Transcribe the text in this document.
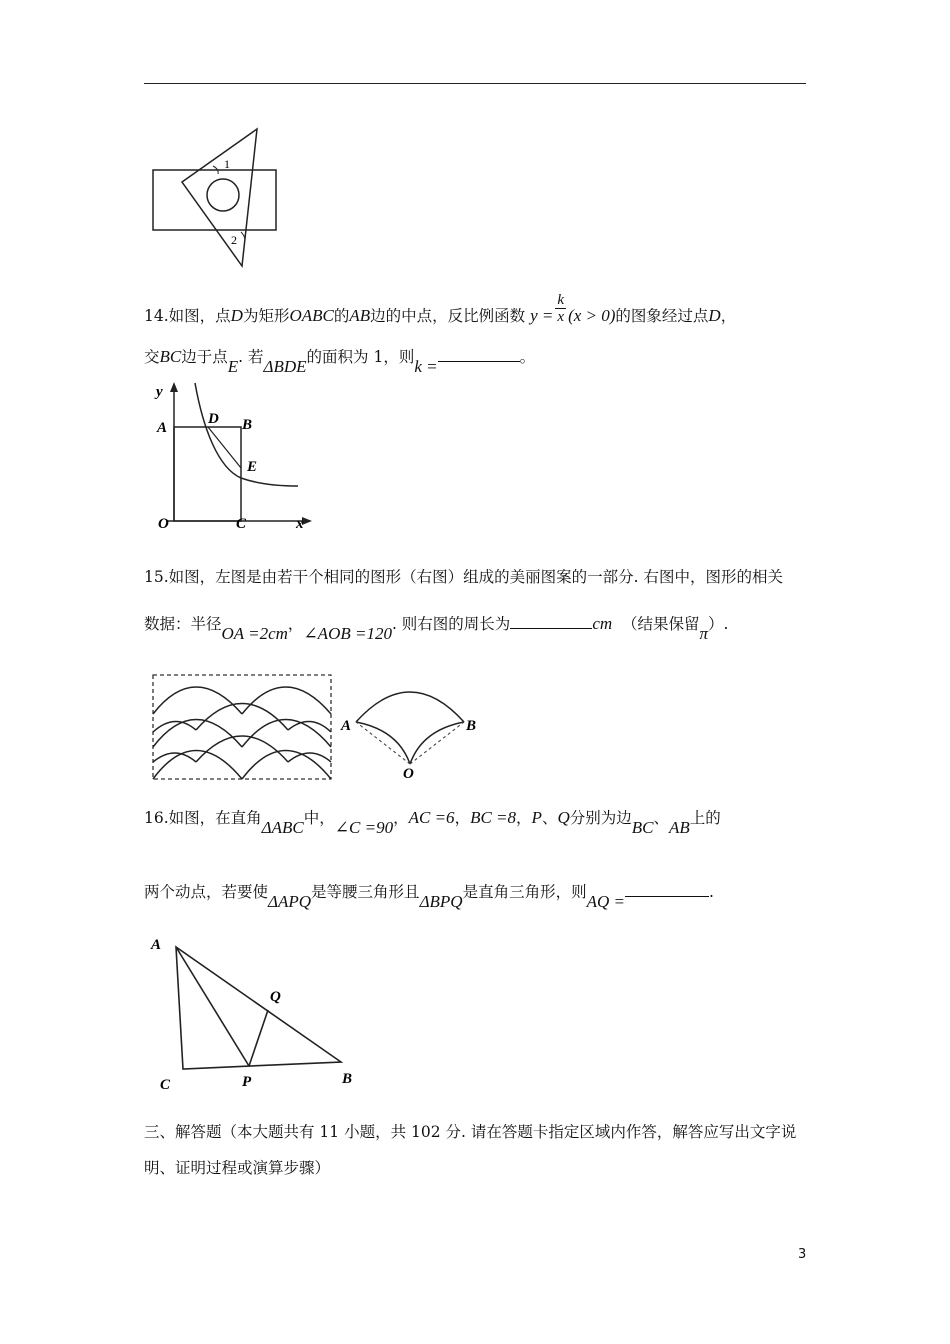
1
2
14.如图，点D为矩形OABC的AB边的中点，反比例函数 $y = \frac{k}{x} (x > 0)$的图象经过点D，
交BC边于点E. 若ΔBDE的面积为 1，则k =	。
y
x
A
D B
E
O	C
15.如图，左图是由若干个相同的图形（右图）组成的美丽图案的一部分. 右图中，图形的相关
数据：半径OA =2cm，∠AOB =120. 则右图的周长为	cm （结果保留π）.
A	B
O
16.如图，在直角ΔABC中，∠C =90，AC =6，BC =8，P、Q分别为边BC、AB上的
两个动点，若要使ΔAPQ是等腰三角形且ΔBPQ是直角三角形，则AQ =	.
A
Q
C	P	B
三、解答题（本大题共有 11 小题，共 102 分. 请在答题卡指定区域内作答，解答应写出文字说
明、证明过程或演算步骤）
3
